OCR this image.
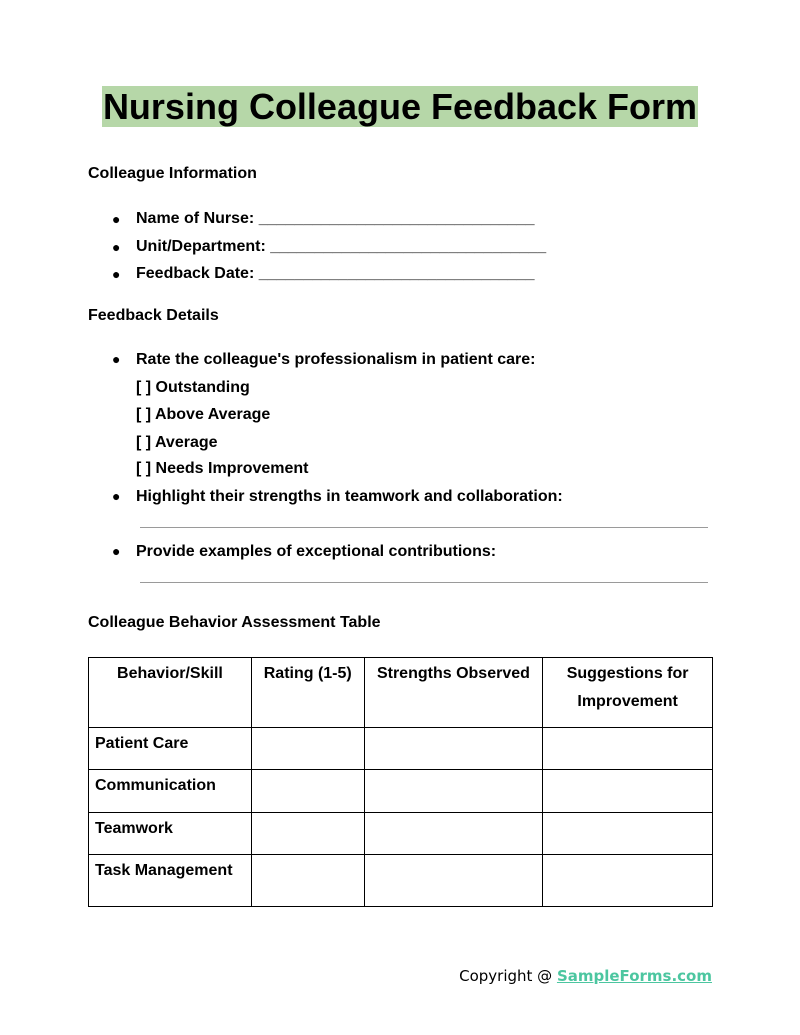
Nursing Colleague Feedback Form
Colleague Information
● Name of Nurse: _______________________________
● Unit/Department: _______________________________
● Feedback Date: _______________________________
Feedback Details
● Rate the colleague's professionalism in patient care:
[ ] Outstanding
[ ] Above Average
[ ] Average
[ ] Needs Improvement
● Highlight their strengths in teamwork and collaboration:
● Provide examples of exceptional contributions:
Colleague Behavior Assessment Table
Behavior/Skill	Rating (1-5)	Strengths Observed	Suggestions for Improvement
Patient Care			
Communication			
Teamwork			
Task Management			
Copyright @ SampleForms.com
